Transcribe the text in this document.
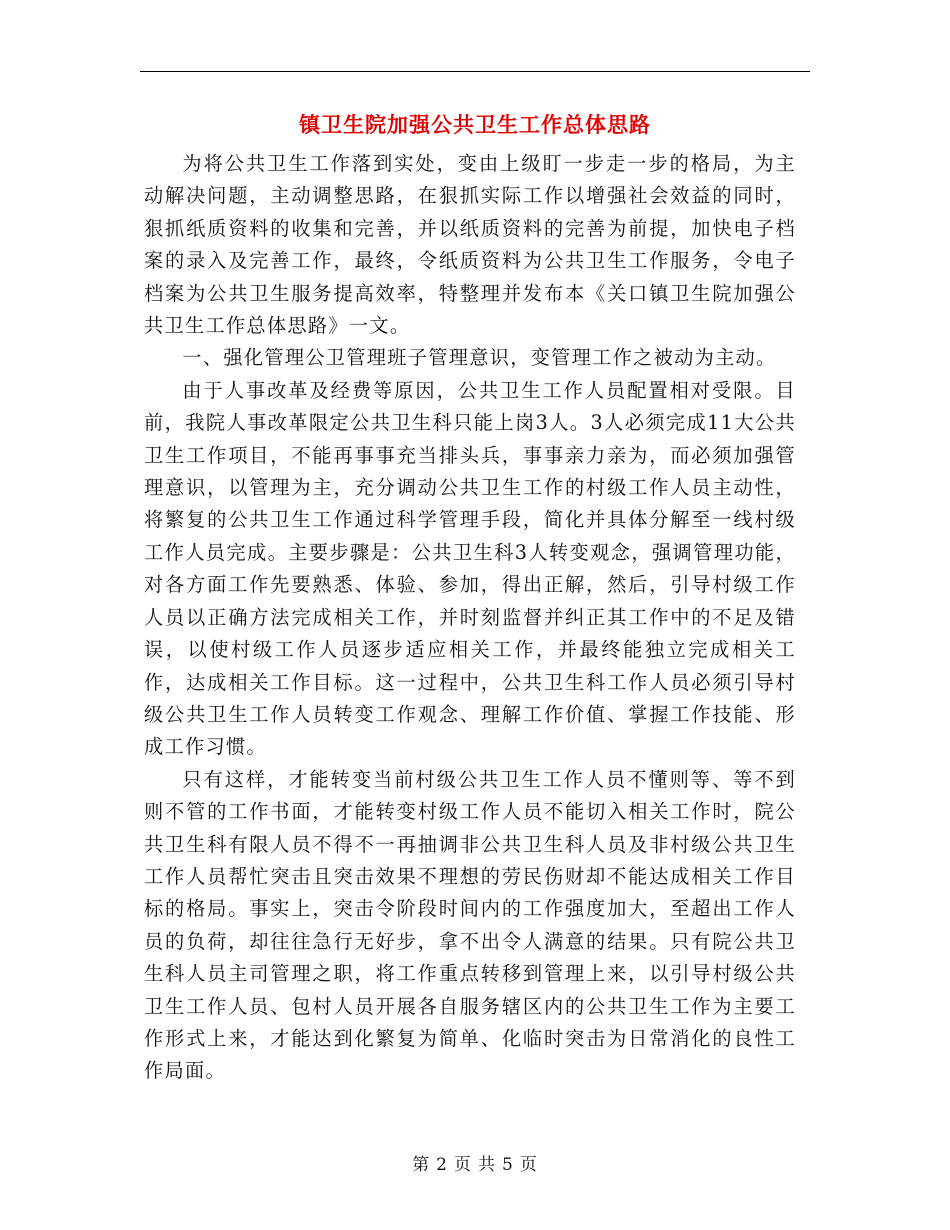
镇卫生院加强公共卫生工作总体思路

为将公共卫生工作落到实处，变由上级盯一步走一步的格局，为主动解决问题，主动调整思路，在狠抓实际工作以增强社会效益的同时，狠抓纸质资料的收集和完善，并以纸质资料的完善为前提，加快电子档案的录入及完善工作，最终，令纸质资料为公共卫生工作服务，令电子档案为公共卫生服务提高效率，特整理并发布本《关口镇卫生院加强公共卫生工作总体思路》一文。

一、强化管理公卫管理班子管理意识，变管理工作之被动为主动。

由于人事改革及经费等原因，公共卫生工作人员配置相对受限。目前，我院人事改革限定公共卫生科只能上岗3人。3人必须完成11大公共卫生工作项目，不能再事事充当排头兵，事事亲力亲为，而必须加强管理意识，以管理为主，充分调动公共卫生工作的村级工作人员主动性，将繁复的公共卫生工作通过科学管理手段，简化并具体分解至一线村级工作人员完成。主要步骤是：公共卫生科3人转变观念，强调管理功能，对各方面工作先要熟悉、体验、参加，得出正解，然后，引导村级工作人员以正确方法完成相关工作，并时刻监督并纠正其工作中的不足及错误，以使村级工作人员逐步适应相关工作，并最终能独立完成相关工作，达成相关工作目标。这一过程中，公共卫生科工作人员必须引导村级公共卫生工作人员转变工作观念、理解工作价值、掌握工作技能、形成工作习惯。

只有这样，才能转变当前村级公共卫生工作人员不懂则等、等不到则不管的工作书面，才能转变村级工作人员不能切入相关工作时，院公共卫生科有限人员不得不一再抽调非公共卫生科人员及非村级公共卫生工作人员帮忙突击且突击效果不理想的劳民伤财却不能达成相关工作目标的格局。事实上，突击令阶段时间内的工作强度加大，至超出工作人员的负荷，却往往急行无好步，拿不出令人满意的结果。只有院公共卫生科人员主司管理之职，将工作重点转移到管理上来，以引导村级公共卫生工作人员、包村人员开展各自服务辖区内的公共卫生工作为主要工作形式上来，才能达到化繁复为简单、化临时突击为日常消化的良性工作局面。

第 2 页 共 5 页
